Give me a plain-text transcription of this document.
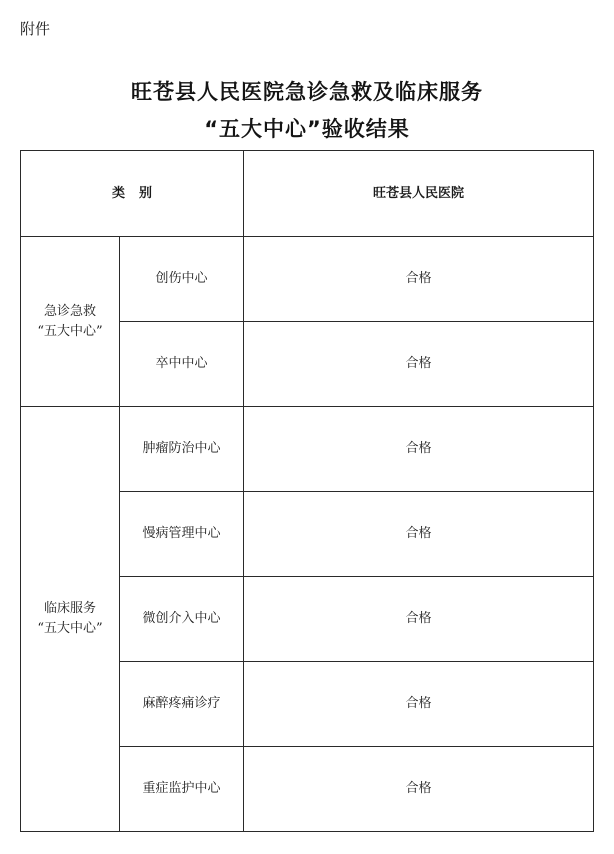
附件
旺苍县人民医院急诊急救及临床服务
“五大中心”验收结果
类别		旺苍县人民医院

急诊急救
“五大中心”	创伤中心	合格
	卒中中心	合格

临床服务
“五大中心”	肿瘤防治中心	合格
	慢病管理中心	合格
	微创介入中心	合格
	麻醉疼痛诊疗	合格
	重症监护中心	合格
